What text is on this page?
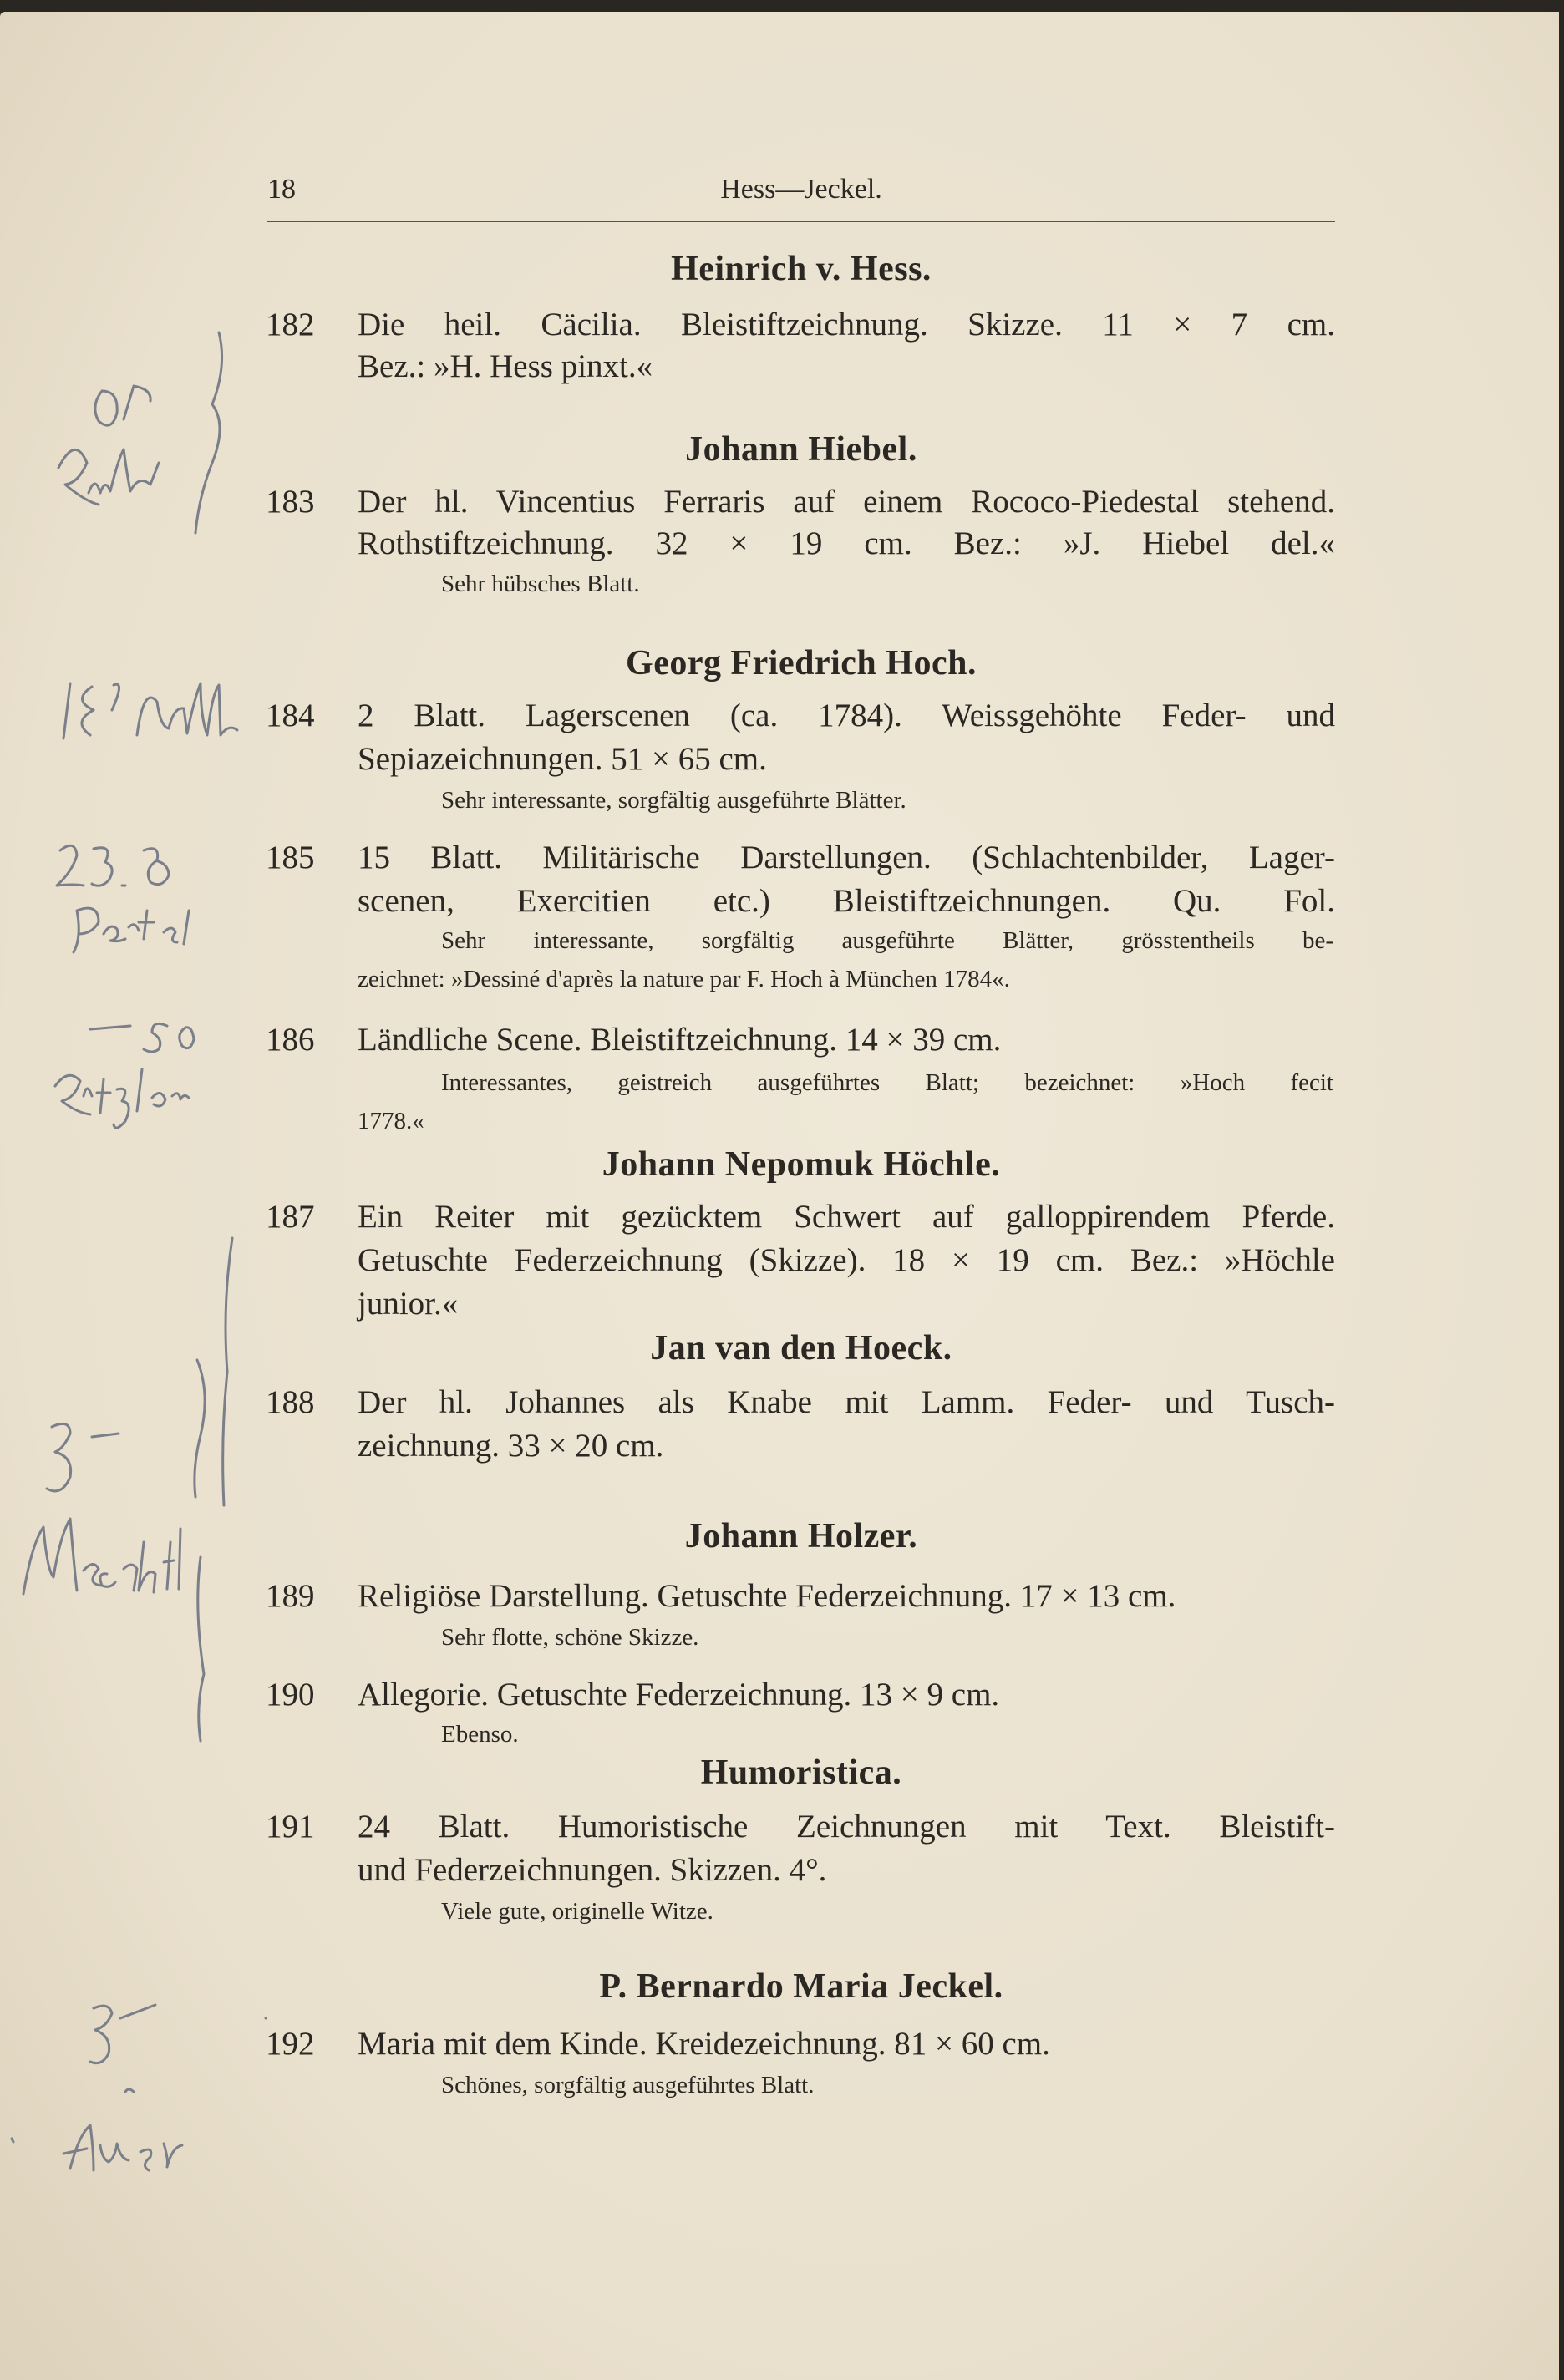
18	Hess—Jeckel.
Heinrich v. Hess.
182	Die heil. Cäcilia. Bleistiftzeichnung. Skizze. 11 × 7 cm.
Bez.: »H. Hess pinxt.«
Johann Hiebel.
183	Der hl. Vincentius Ferraris auf einem Rococo-Piedestal stehend.
Rothstiftzeichnung. 32 × 19 cm. Bez.: »J. Hiebel del.«
Sehr hübsches Blatt.
Georg Friedrich Hoch.
184	2 Blatt. Lagerscenen (ca. 1784). Weissgehöhte Feder- und
Sepiazeichnungen. 51 × 65 cm.
Sehr interessante, sorgfältig ausgeführte Blätter.
185	15 Blatt. Militärische Darstellungen. (Schlachtenbilder, Lager-
scenen, Exercitien etc.) Bleistiftzeichnungen. Qu. Fol.
Sehr interessante, sorgfältig ausgeführte Blätter, grösstentheils be-
zeichnet: »Dessiné d'après la nature par F. Hoch à München 1784«.
186	Ländliche Scene. Bleistiftzeichnung. 14 × 39 cm.
Interessantes, geistreich ausgeführtes Blatt; bezeichnet: »Hoch fecit
1778.«
Johann Nepomuk Höchle.
187	Ein Reiter mit gezücktem Schwert auf galloppirendem Pferde.
Getuschte Federzeichnung (Skizze). 18 × 19 cm. Bez.: »Höchle
junior.«
Jan van den Hoeck.
188	Der hl. Johannes als Knabe mit Lamm. Feder- und Tusch-
zeichnung. 33 × 20 cm.
Johann Holzer.
189	Religiöse Darstellung. Getuschte Federzeichnung. 17 × 13 cm.
Sehr flotte, schöne Skizze.
190	Allegorie. Getuschte Federzeichnung. 13 × 9 cm.
Ebenso.
Humoristica.
191	24 Blatt. Humoristische Zeichnungen mit Text. Bleistift-
und Federzeichnungen. Skizzen. 4°.
Viele gute, originelle Witze.
P. Bernardo Maria Jeckel.
192	Maria mit dem Kinde. Kreidezeichnung. 81 × 60 cm.
Schönes, sorgfältig ausgeführtes Blatt.
